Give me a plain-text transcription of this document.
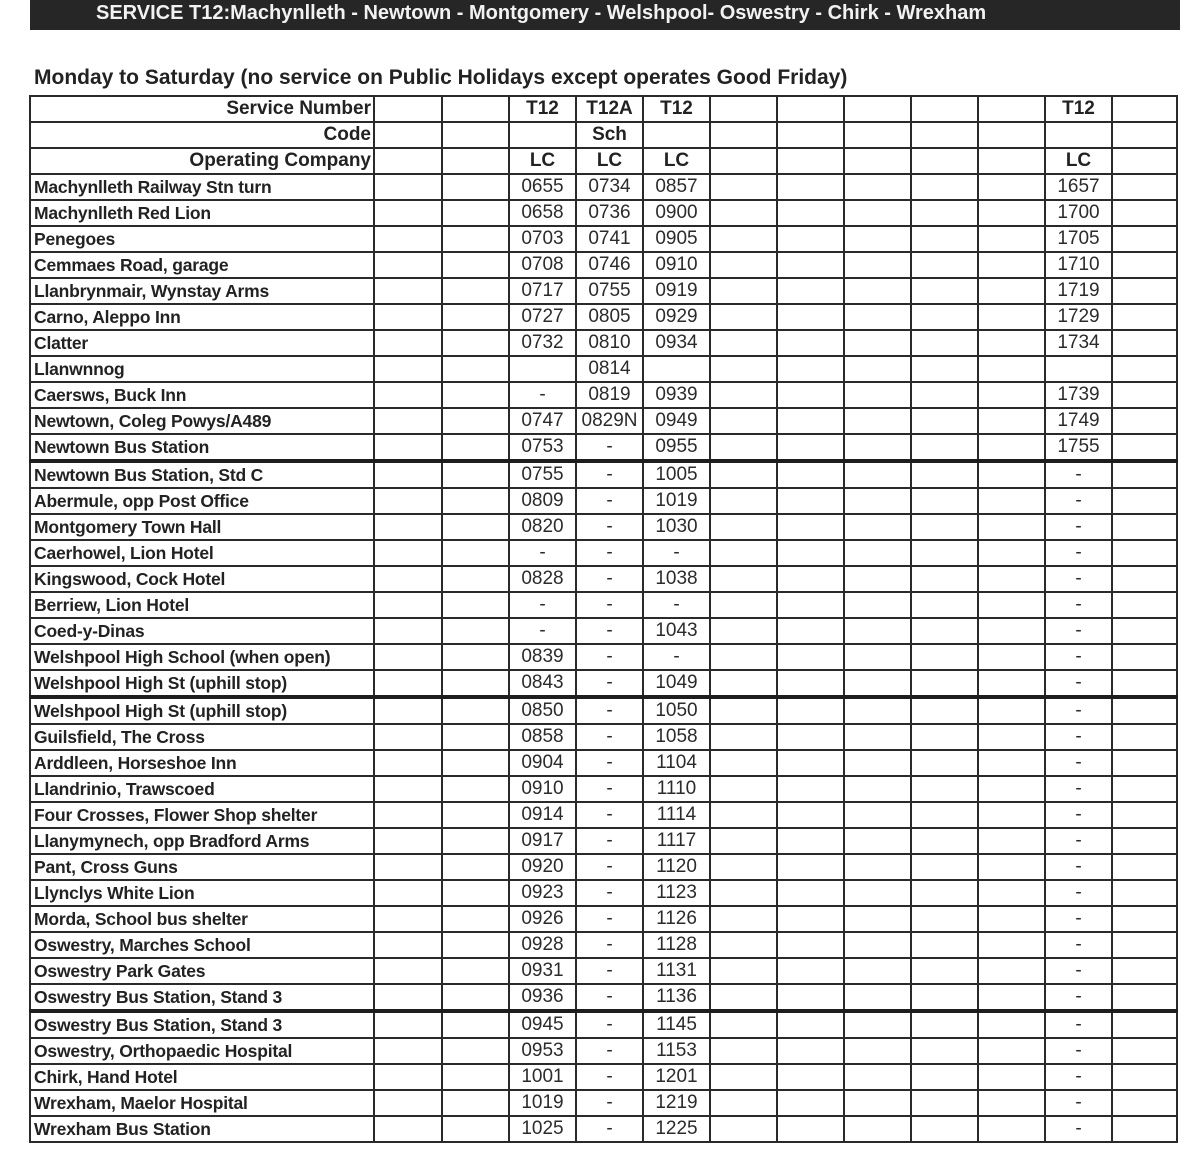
SERVICE T12:Machynlleth - Newtown - Montgomery - Welshpool- Oswestry - Chirk - Wrexham
Monday to Saturday (no service on Public Holidays except operates Good Friday)
Service Number			T12	T12A	T12						T12	
Code				Sch								
Operating Company			LC	LC	LC						LC	
Machynlleth Railway Stn turn			0655	0734	0857						1657	
Machynlleth Red Lion			0658	0736	0900						1700	
Penegoes			0703	0741	0905						1705	
Cemmaes Road, garage			0708	0746	0910						1710	
Llanbrynmair, Wynstay Arms			0717	0755	0919						1719	
Carno, Aleppo Inn			0727	0805	0929						1729	
Clatter			0732	0810	0934						1734	
Llanwnnog				0814								
Caersws, Buck Inn			-	0819	0939						1739	
Newtown, Coleg Powys/A489			0747	0829N	0949						1749	
Newtown Bus Station			0753	-	0955						1755	
Newtown Bus Station, Std C			0755	-	1005						-	
Abermule, opp Post Office			0809	-	1019						-	
Montgomery Town Hall			0820	-	1030						-	
Caerhowel, Lion Hotel			-	-	-						-	
Kingswood, Cock Hotel			0828	-	1038						-	
Berriew, Lion Hotel			-	-	-						-	
Coed-y-Dinas			-	-	1043						-	
Welshpool High School (when open)			0839	-	-						-	
Welshpool High St (uphill stop)			0843	-	1049						-	
Welshpool High St (uphill stop)			0850	-	1050						-	
Guilsfield, The Cross			0858	-	1058						-	
Arddleen, Horseshoe Inn			0904	-	1104						-	
Llandrinio, Trawscoed			0910	-	1110						-	
Four Crosses, Flower Shop shelter			0914	-	1114						-	
Llanymynech, opp Bradford Arms			0917	-	1117						-	
Pant, Cross Guns			0920	-	1120						-	
Llynclys White Lion			0923	-	1123						-	
Morda, School bus shelter			0926	-	1126						-	
Oswestry, Marches School			0928	-	1128						-	
Oswestry Park Gates			0931	-	1131						-	
Oswestry Bus Station, Stand 3			0936	-	1136						-	
Oswestry Bus Station, Stand 3			0945	-	1145						-	
Oswestry, Orthopaedic Hospital			0953	-	1153						-	
Chirk, Hand Hotel			1001	-	1201						-	
Wrexham, Maelor Hospital			1019	-	1219						-	
Wrexham Bus Station			1025	-	1225						-	
